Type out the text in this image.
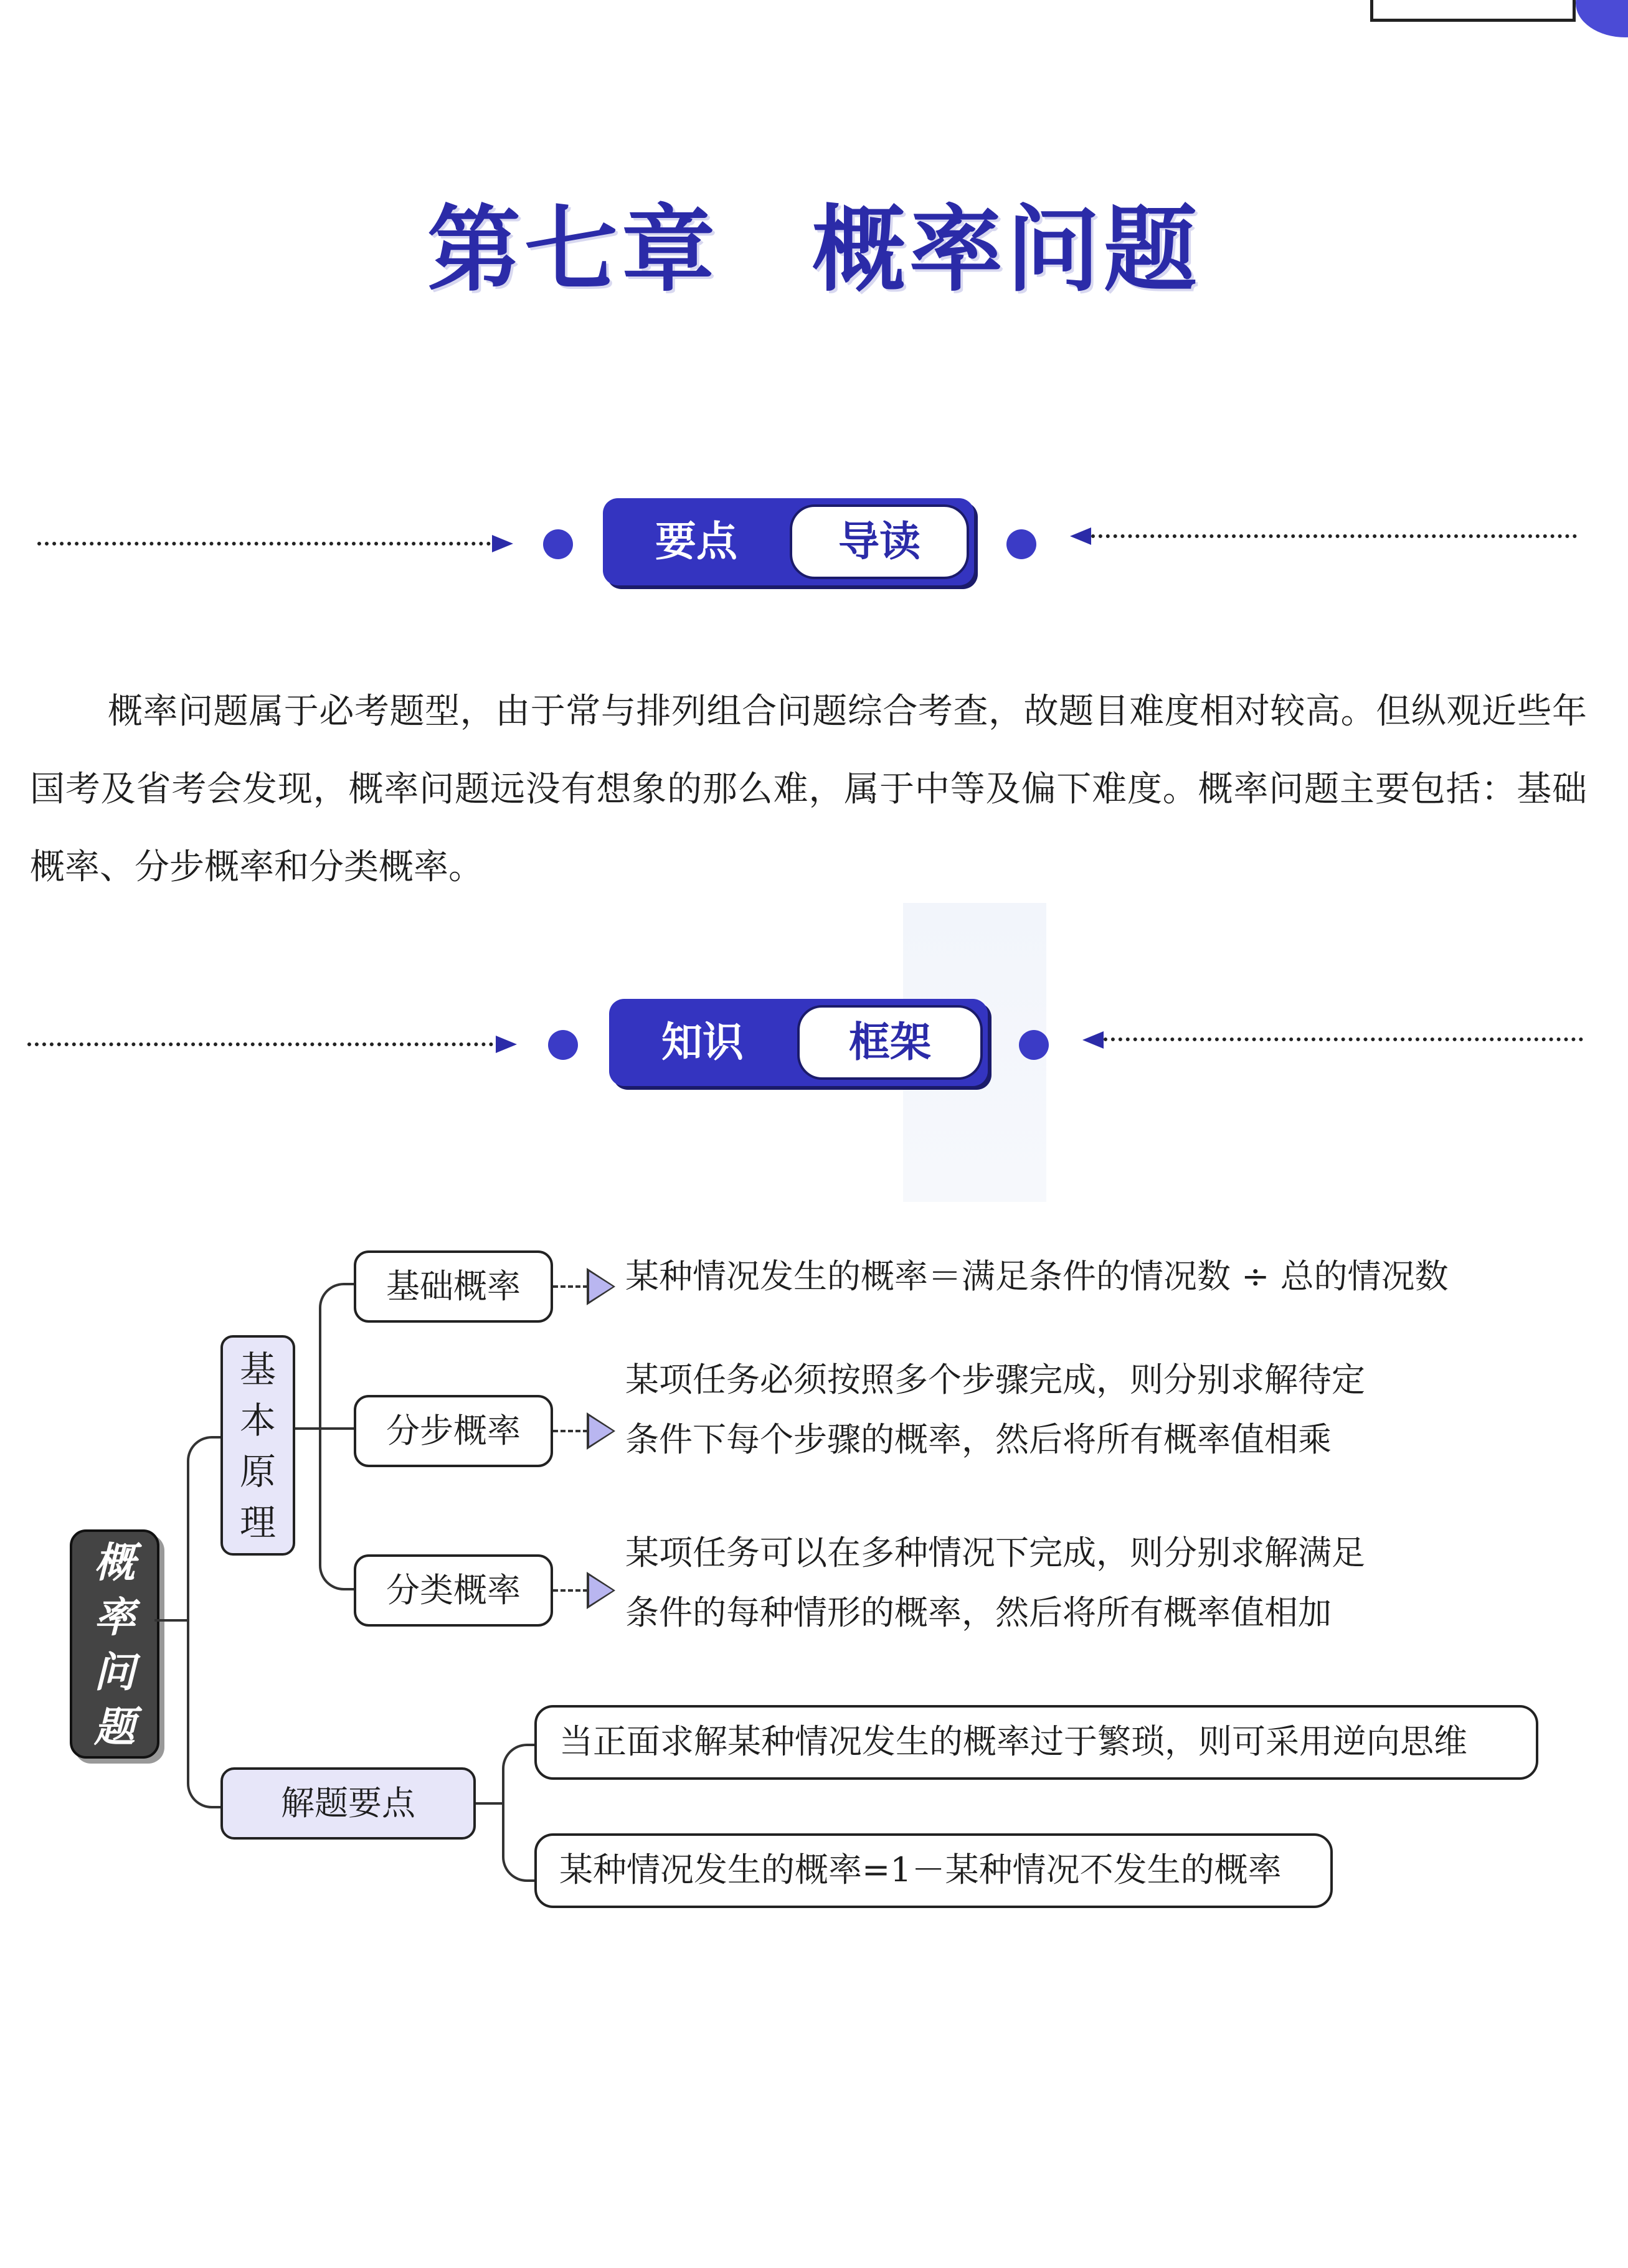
第七章 概率问题
要点	导读
概率问题属于必考题型，由于常与排列组合问题综合考查，故题目难度相对较高。但纵观近些年国考及省考会发现，概率问题远没有想象的那么难，属于中等及偏下难度。概率问题主要包括：基础概率、分步概率和分类概率。
知识	框架
概
率
问
题
基
本
原
理
基础概率	某种情况发生的概率＝满足条件的情况数 ÷ 总的情况数
分步概率
某项任务必须按照多个步骤完成，则分别求解待定
条件下每个步骤的概率，然后将所有概率值相乘
分类概率
某项任务可以在多种情况下完成，则分别求解满足
条件的每种情形的概率，然后将所有概率值相加
解题要点
当正面求解某种情况发生的概率过于繁琐，则可采用逆向思维
某种情况发生的概率=1－某种情况不发生的概率
